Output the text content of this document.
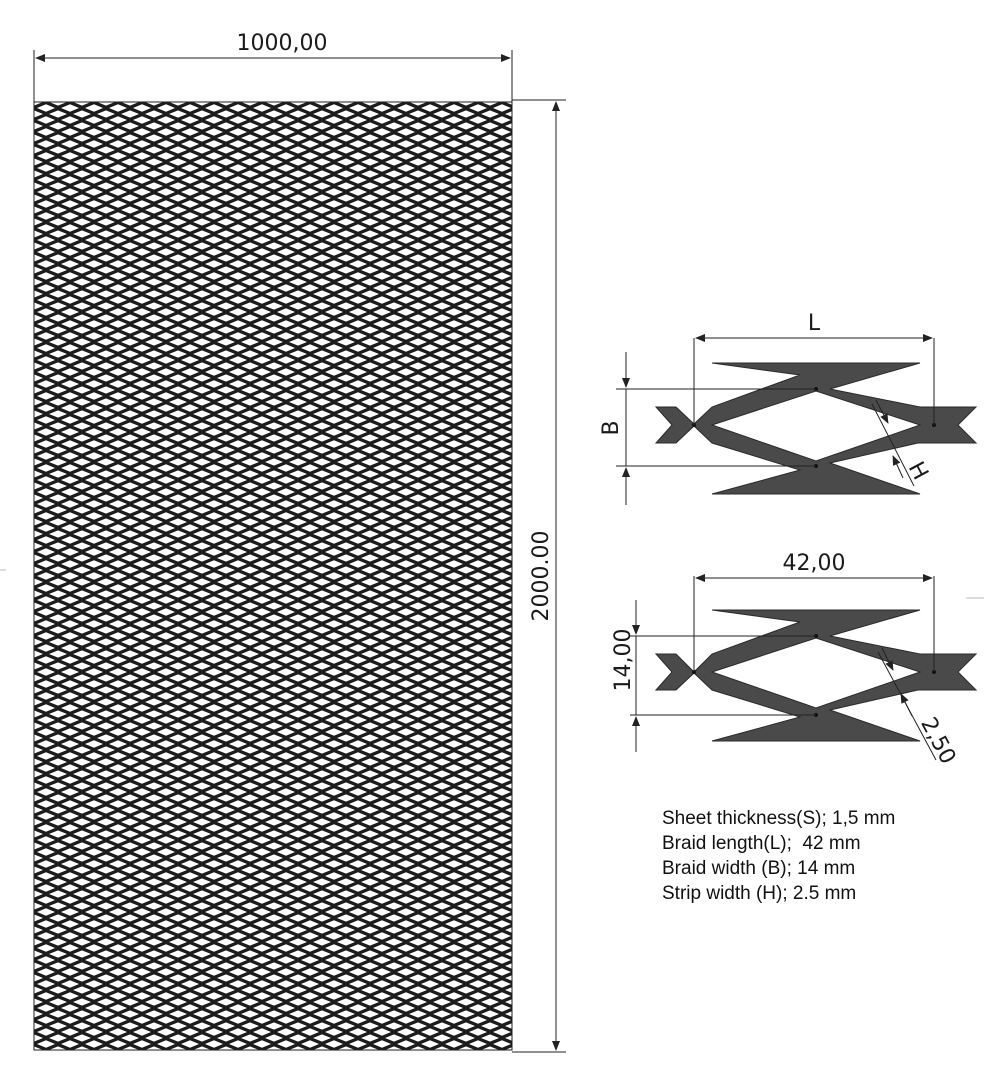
1000,00
2000.00
L
B
H
42,00
14,00
2,50
Sheet thickness(S); 1,5 mm
Braid length(L);  42 mm
Braid width (B); 14 mm
Strip width (H); 2.5 mm
